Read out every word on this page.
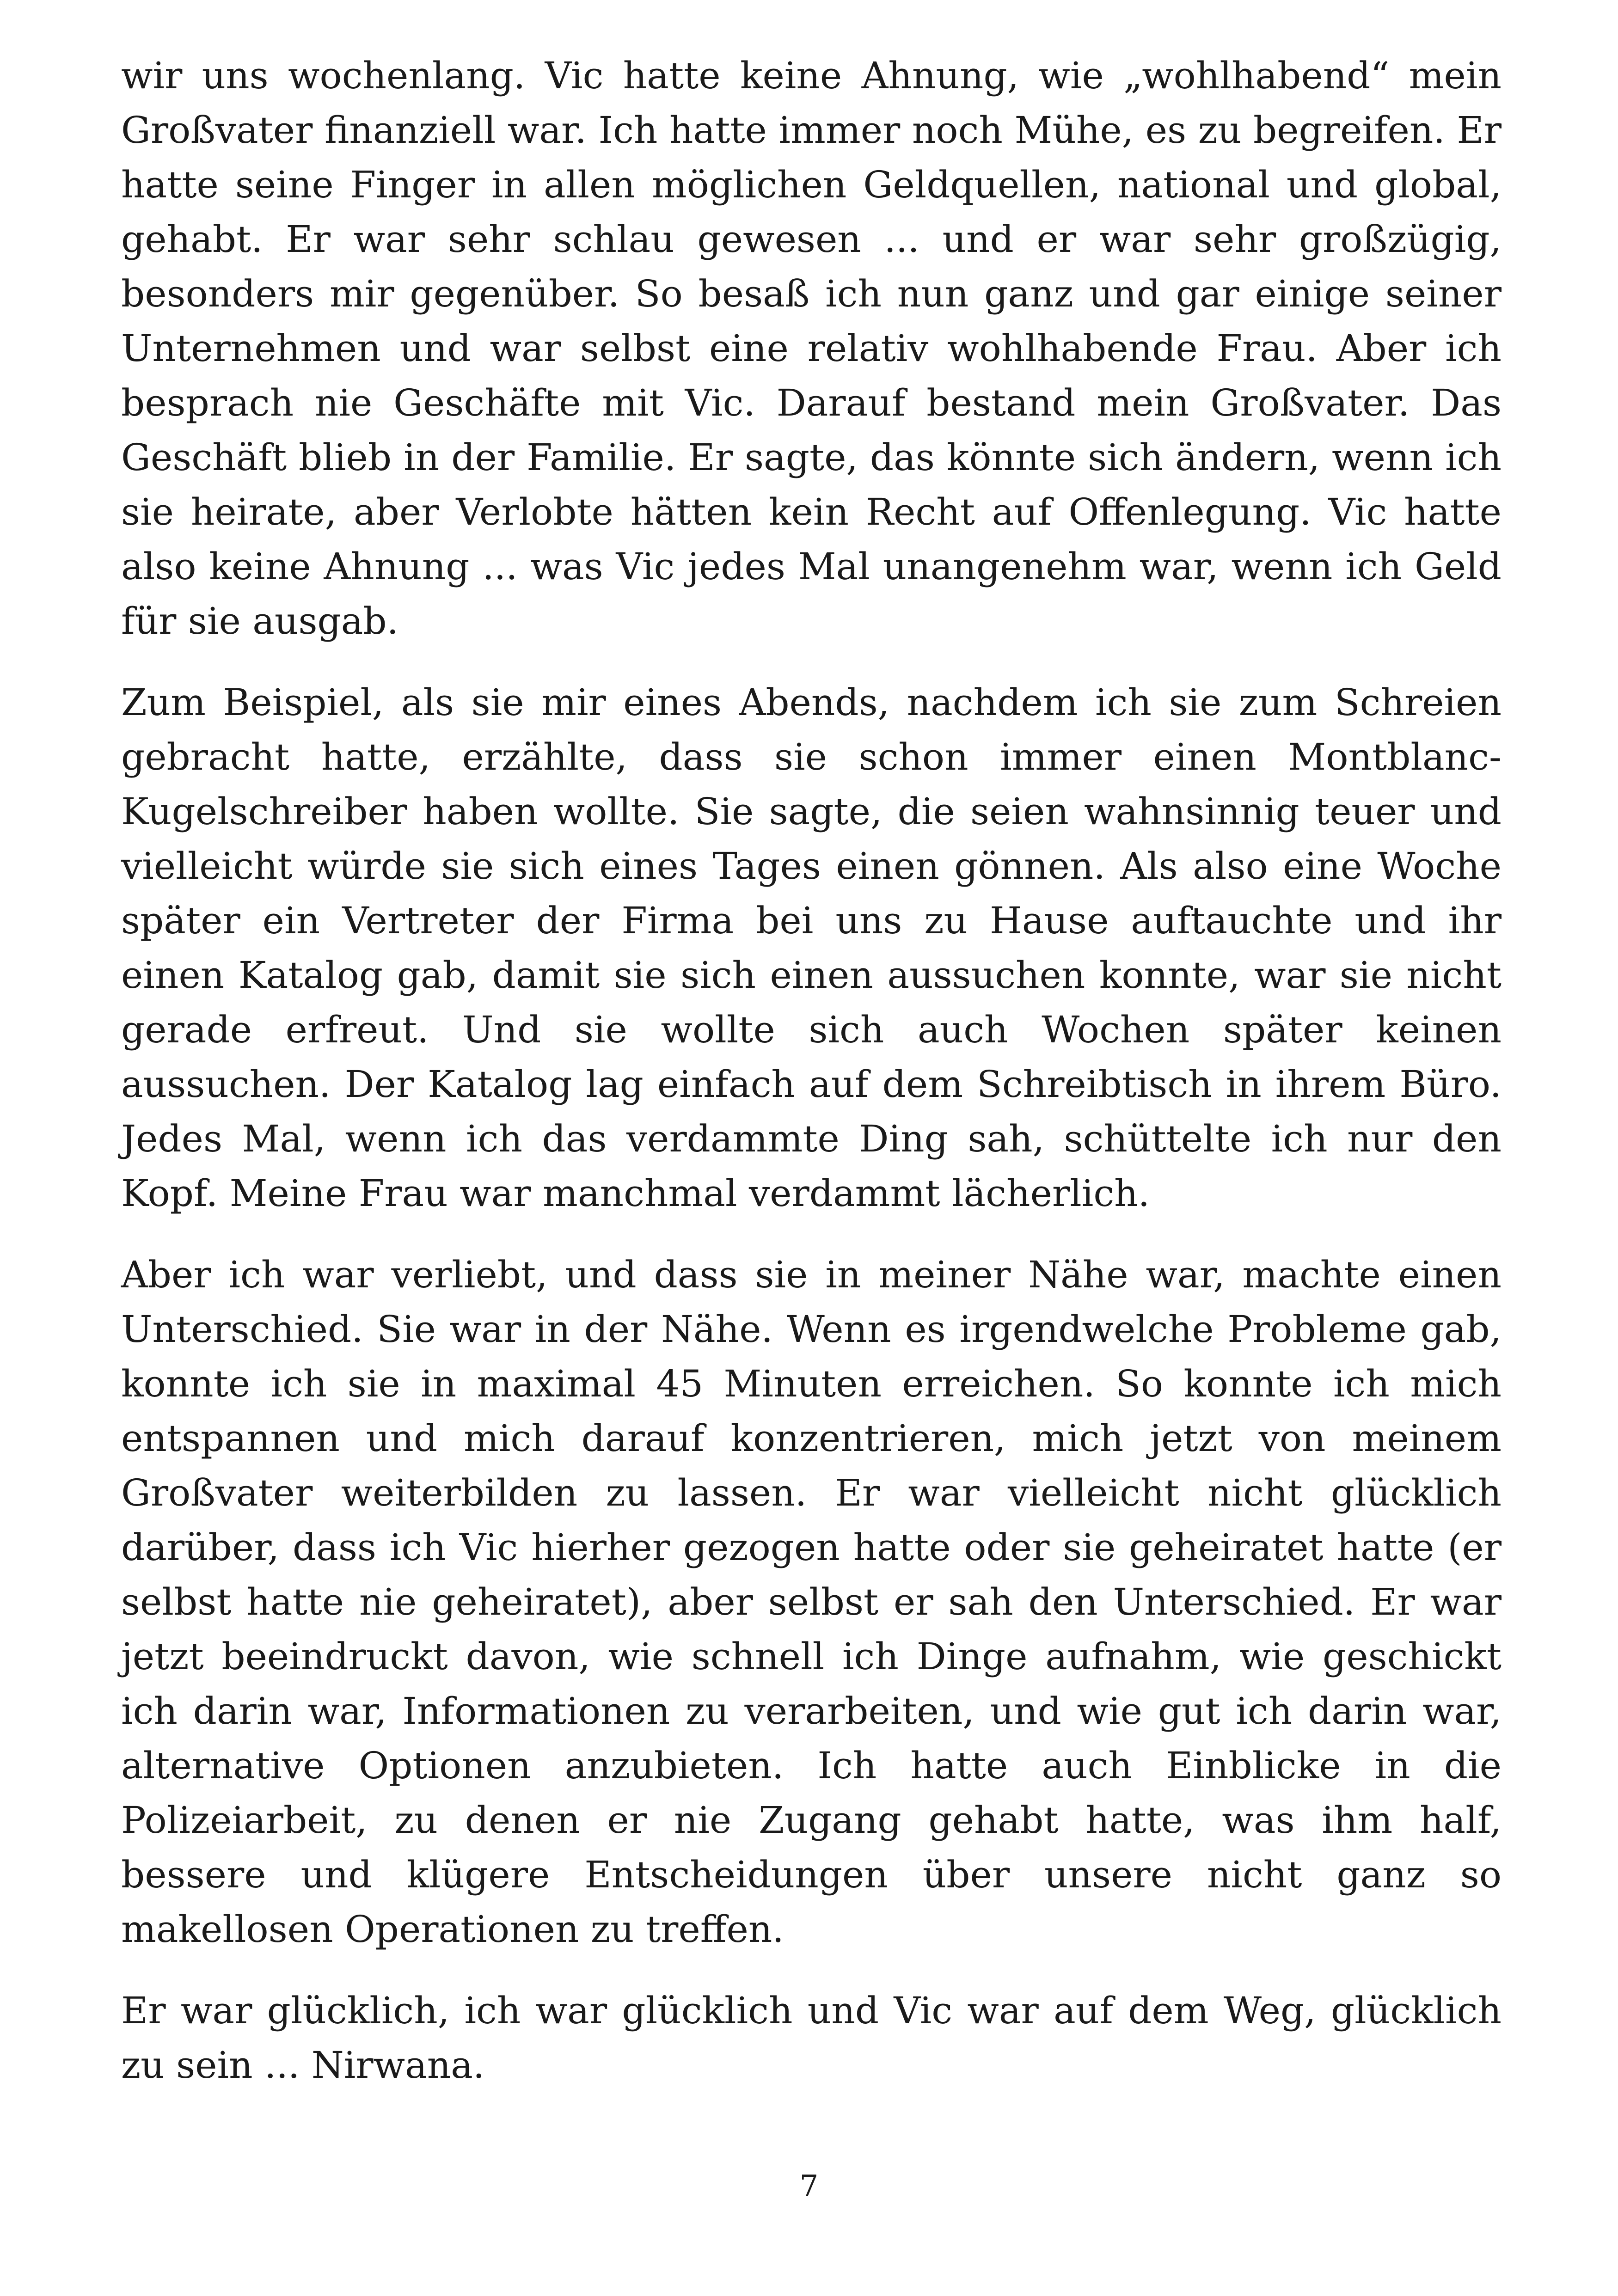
wir uns wochenlang. Vic hatte keine Ahnung, wie „wohlhabend“ mein Großvater finanziell war. Ich hatte immer noch Mühe, es zu begreifen. Er hatte seine Finger in allen möglichen Geldquellen, national und global, gehabt. Er war sehr schlau gewesen ... und er war sehr großzügig, besonders mir gegenüber. So besaß ich nun ganz und gar einige seiner Unternehmen und war selbst eine relativ wohlhabende Frau. Aber ich besprach nie Geschäfte mit Vic. Darauf bestand mein Großvater. Das Geschäft blieb in der Familie. Er sagte, das könnte sich ändern, wenn ich sie heirate, aber Verlobte hätten kein Recht auf Offenlegung. Vic hatte also keine Ahnung ... was Vic jedes Mal unangenehm war, wenn ich Geld für sie ausgab.

Zum Beispiel, als sie mir eines Abends, nachdem ich sie zum Schreien gebracht hatte, erzählte, dass sie schon immer einen Montblanc-Kugelschreiber haben wollte. Sie sagte, die seien wahnsinnig teuer und vielleicht würde sie sich eines Tages einen gönnen. Als also eine Woche später ein Vertreter der Firma bei uns zu Hause auftauchte und ihr einen Katalog gab, damit sie sich einen aussuchen konnte, war sie nicht gerade erfreut. Und sie wollte sich auch Wochen später keinen aussuchen. Der Katalog lag einfach auf dem Schreibtisch in ihrem Büro. Jedes Mal, wenn ich das verdammte Ding sah, schüttelte ich nur den Kopf. Meine Frau war manchmal verdammt lächerlich.

Aber ich war verliebt, und dass sie in meiner Nähe war, machte einen Unterschied. Sie war in der Nähe. Wenn es irgendwelche Probleme gab, konnte ich sie in maximal 45 Minuten erreichen. So konnte ich mich entspannen und mich darauf konzentrieren, mich jetzt von meinem Großvater weiterbilden zu lassen. Er war vielleicht nicht glücklich darüber, dass ich Vic hierher gezogen hatte oder sie geheiratet hatte (er selbst hatte nie geheiratet), aber selbst er sah den Unterschied. Er war jetzt beeindruckt davon, wie schnell ich Dinge aufnahm, wie geschickt ich darin war, Informationen zu verarbeiten, und wie gut ich darin war, alternative Optionen anzubieten. Ich hatte auch Einblicke in die Polizeiarbeit, zu denen er nie Zugang gehabt hatte, was ihm half, bessere und klügere Entscheidungen über unsere nicht ganz so makellosen Operationen zu treffen.

Er war glücklich, ich war glücklich und Vic war auf dem Weg, glücklich zu sein ... Nirwana.

7
